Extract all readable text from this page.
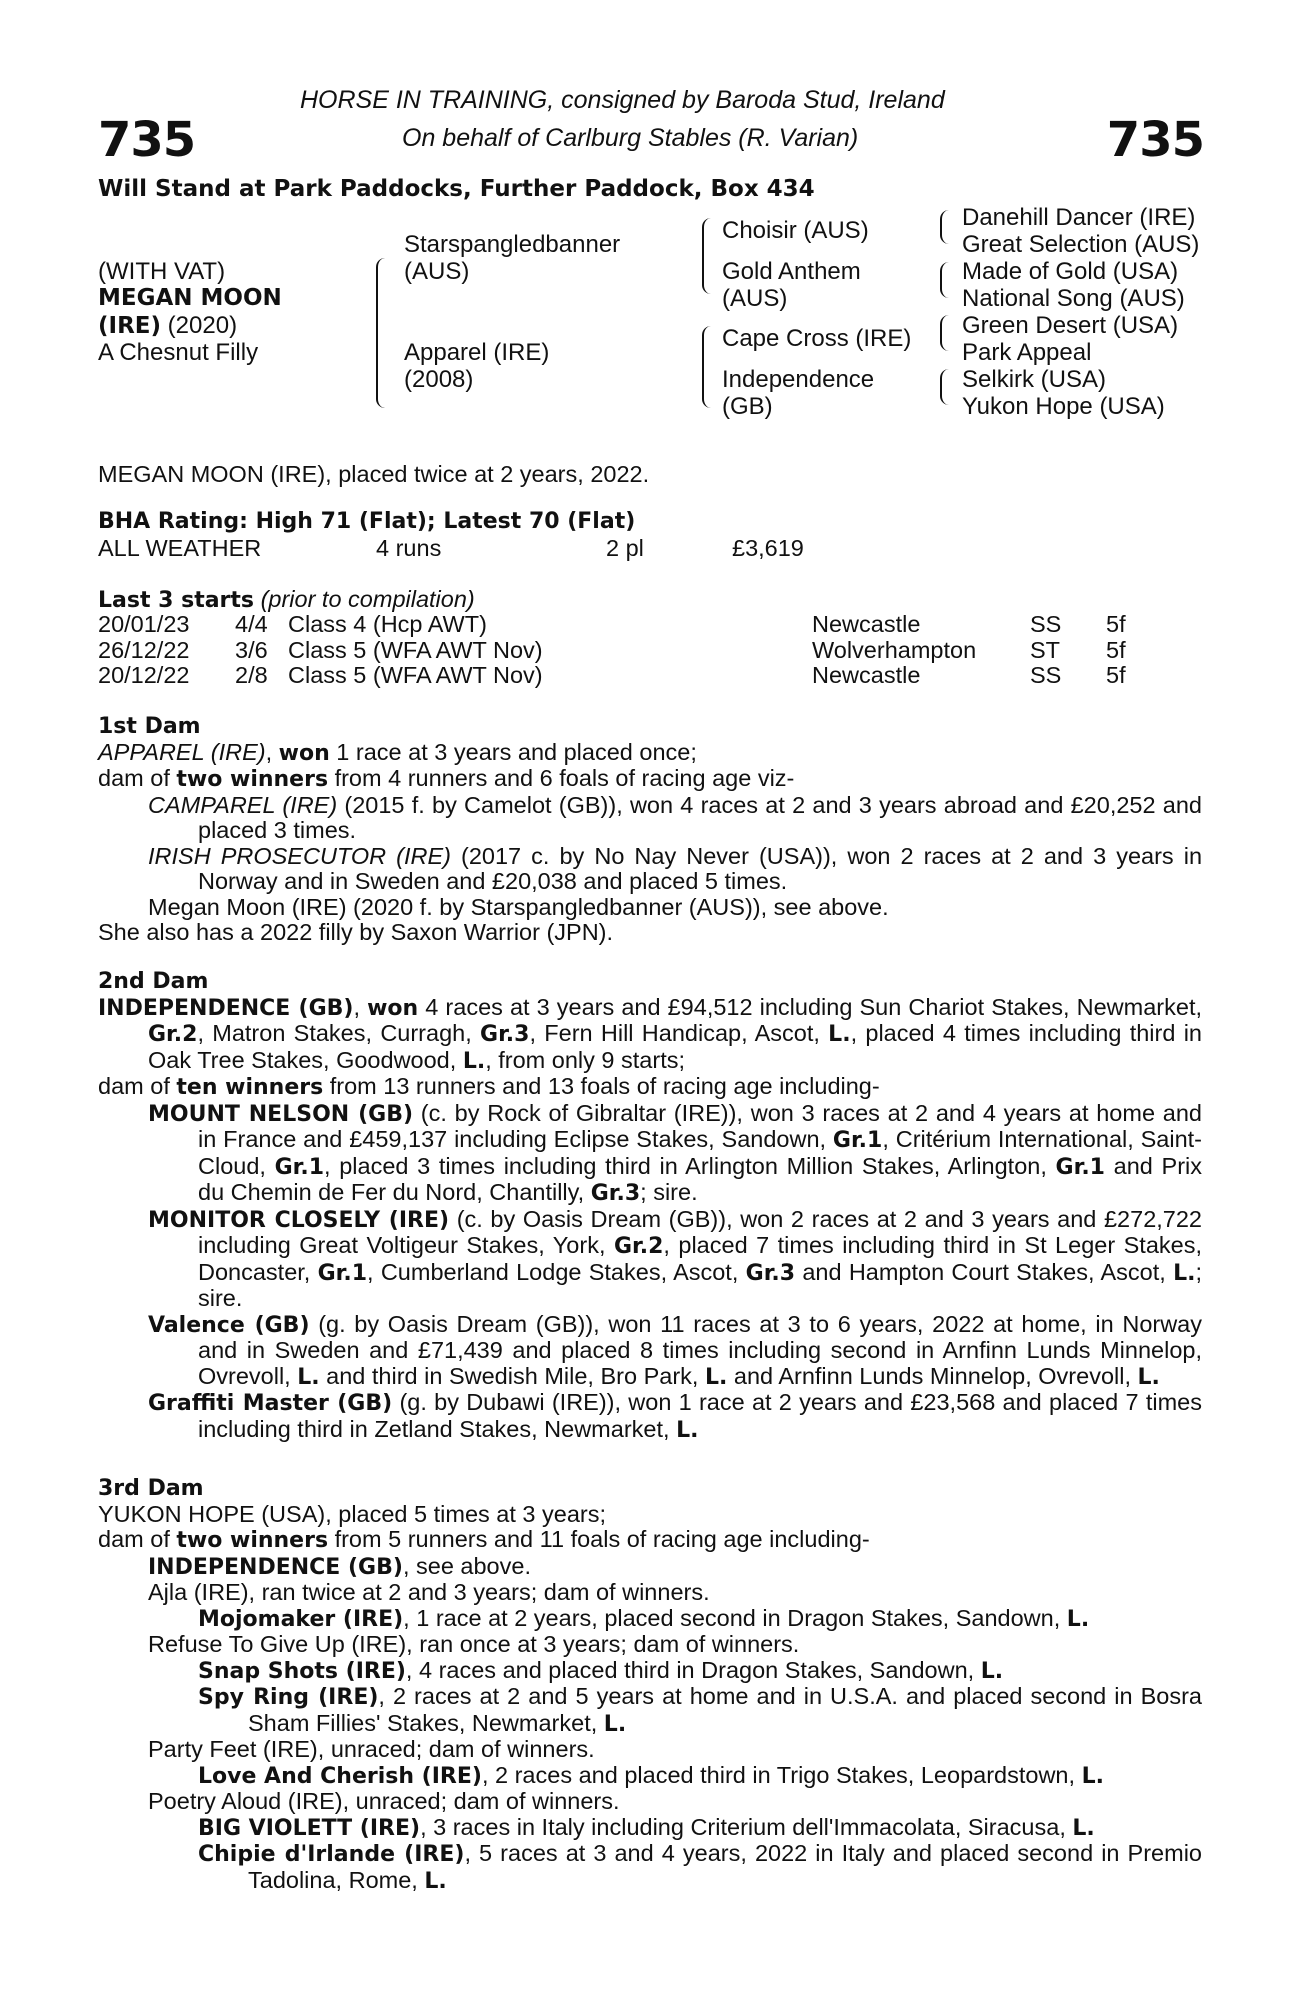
735	735
HORSE IN TRAINING, consigned by Baroda Stud, Ireland
On behalf of Carlburg Stables (R. Varian)
Will Stand at Park Paddocks, Further Paddock, Box 434
(WITH VAT)
MEGAN MOON
(IRE) (2020)
A Chesnut Filly
Starspangledbanner
(AUS)
Apparel (IRE)
(2008)
Choisir (AUS)
Gold Anthem
(AUS)
Cape Cross (IRE)
Independence
(GB)
Danehill Dancer (IRE)
Great Selection (AUS)
Made of Gold (USA)
National Song (AUS)
Green Desert (USA)
Park Appeal
Selkirk (USA)
Yukon Hope (USA)
MEGAN MOON (IRE), placed twice at 2 years, 2022.
BHA Rating: High 71 (Flat); Latest 70 (Flat)
ALL WEATHER	4 runs	2 pl	£3,619
Last 3 starts (prior to compilation)
20/01/23 4/4 Class 4 (Hcp AWT)	Newcastle	SS 5f
26/12/22 3/6 Class 5 (WFA AWT Nov)	Wolverhampton ST 5f
20/12/22 2/8 Class 5 (WFA AWT Nov)	Newcastle	SS 5f

1st Dam

APPAREL (IRE), won 1 race at 3 years and placed once;

dam of two winners from 4 runners and 6 foals of racing age viz-

CAMPAREL (IRE) (2015 f. by Camelot (GB)), won 4 races at 2 and 3 years abroad and £20,252 and placed 3 times.

IRISH PROSECUTOR (IRE) (2017 c. by No Nay Never (USA)), won 2 races at 2 and 3 years in Norway and in Sweden and £20,038 and placed 5 times.

Megan Moon (IRE) (2020 f. by Starspangledbanner (AUS)), see above.

She also has a 2022 filly by Saxon Warrior (JPN).

2nd Dam

INDEPENDENCE (GB), won 4 races at 3 years and £94,512 including Sun Chariot Stakes, Newmarket, Gr.2, Matron Stakes, Curragh, Gr.3, Fern Hill Handicap, Ascot, L., placed 4 times including third in Oak Tree Stakes, Goodwood, L., from only 9 starts;

dam of ten winners from 13 runners and 13 foals of racing age including-

MOUNT NELSON (GB) (c. by Rock of Gibraltar (IRE)), won 3 races at 2 and 4 years at home and in France and £459,137 including Eclipse Stakes, Sandown, Gr.1, Critérium International, Saint-Cloud, Gr.1, placed 3 times including third in Arlington Million Stakes, Arlington, Gr.1 and Prix du Chemin de Fer du Nord, Chantilly, Gr.3; sire.

MONITOR CLOSELY (IRE) (c. by Oasis Dream (GB)), won 2 races at 2 and 3 years and £272,722 including Great Voltigeur Stakes, York, Gr.2, placed 7 times including third in St Leger Stakes, Doncaster, Gr.1, Cumberland Lodge Stakes, Ascot, Gr.3 and Hampton Court Stakes, Ascot, L.; sire.

Valence (GB) (g. by Oasis Dream (GB)), won 11 races at 3 to 6 years, 2022 at home, in Norway and in Sweden and £71,439 and placed 8 times including second in Arnfinn Lunds Minnelop, Ovrevoll, L. and third in Swedish Mile, Bro Park, L. and Arnfinn Lunds Minnelop, Ovrevoll, L.

Graffiti Master (GB) (g. by Dubawi (IRE)), won 1 race at 2 years and £23,568 and placed 7 times including third in Zetland Stakes, Newmarket, L.

3rd Dam

YUKON HOPE (USA), placed 5 times at 3 years;

dam of two winners from 5 runners and 11 foals of racing age including-

INDEPENDENCE (GB), see above.

Ajla (IRE), ran twice at 2 and 3 years; dam of winners.

Mojomaker (IRE), 1 race at 2 years, placed second in Dragon Stakes, Sandown, L.

Refuse To Give Up (IRE), ran once at 3 years; dam of winners.

Snap Shots (IRE), 4 races and placed third in Dragon Stakes, Sandown, L.

Spy Ring (IRE), 2 races at 2 and 5 years at home and in U.S.A. and placed second in Bosra Sham Fillies' Stakes, Newmarket, L.

Party Feet (IRE), unraced; dam of winners.

Love And Cherish (IRE), 2 races and placed third in Trigo Stakes, Leopardstown, L.

Poetry Aloud (IRE), unraced; dam of winners.

BIG VIOLETT (IRE), 3 races in Italy including Criterium dell'Immacolata, Siracusa, L.

Chipie d'Irlande (IRE), 5 races at 3 and 4 years, 2022 in Italy and placed second in Premio Tadolina, Rome, L.
